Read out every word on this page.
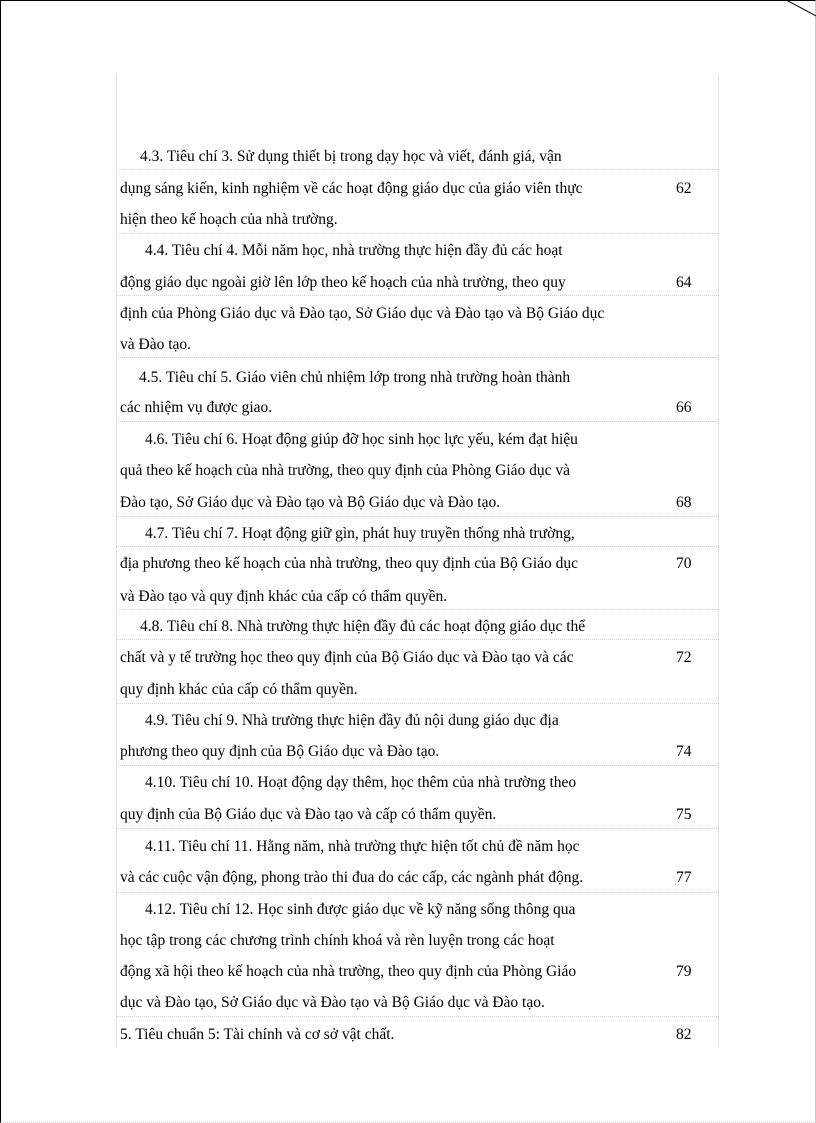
4.3. Tiêu chí 3. Sử dụng thiết bị trong dạy học và viết, đánh giá, vận
dụng sáng kiến, kinh nghiệm về các hoạt động giáo dục của giáo viên thực	62
hiện theo kế hoạch của nhà trường.
4.4. Tiêu chí 4. Mỗi năm học, nhà trường thực hiện đầy đủ các hoạt
động giáo dục ngoài giờ lên lớp theo kế hoạch của nhà trường, theo quy	64
định của Phòng Giáo dục và Đào tạo, Sở Giáo dục và Đào tạo và Bộ Giáo dục
và Đào tạo.
4.5. Tiêu chí 5. Giáo viên chủ nhiệm lớp trong nhà trường hoàn thành
các nhiệm vụ được giao.	66
4.6. Tiêu chí 6. Hoạt động giúp đỡ học sinh học lực yếu, kém đạt hiệu
quả theo kế hoạch của nhà trường, theo quy định của Phòng Giáo dục và
Đào tạo, Sở Giáo dục và Đào tạo và Bộ Giáo dục và Đào tạo.	68
4.7. Tiêu chí 7. Hoạt động giữ gìn, phát huy truyền thống nhà trường,
địa phương theo kế hoạch của nhà trường, theo quy định của Bộ Giáo dục	70
và Đào tạo và quy định khác của cấp có thẩm quyền.
4.8. Tiêu chí 8. Nhà trường thực hiện đầy đủ các hoạt động giáo dục thể
chất và y tế trường học theo quy định của Bộ Giáo dục và Đào tạo và các	72
quy định khác của cấp có thẩm quyền.
4.9. Tiêu chí 9. Nhà trường thực hiện đầy đủ nội dung giáo dục địa
phương theo quy định của Bộ Giáo dục và Đào tạo.	74
4.10. Tiêu chí 10. Hoạt động dạy thêm, học thêm của nhà trường theo
quy định của Bộ Giáo dục và Đào tạo và cấp có thẩm quyền.	75
4.11. Tiêu chí 11. Hằng năm, nhà trường thực hiện tốt chủ đề năm học
và các cuộc vận động, phong trào thi đua do các cấp, các ngành phát động.	77
4.12. Tiêu chí 12. Học sinh được giáo dục về kỹ năng sống thông qua
học tập trong các chương trình chính khoá và rèn luyện trong các hoạt
động xã hội theo kế hoạch của nhà trường, theo quy định của Phòng Giáo	79
dục và Đào tạo, Sở Giáo dục và Đào tạo và Bộ Giáo dục và Đào tạo.
5. Tiêu chuẩn 5: Tài chính và cơ sở vật chất.	82
